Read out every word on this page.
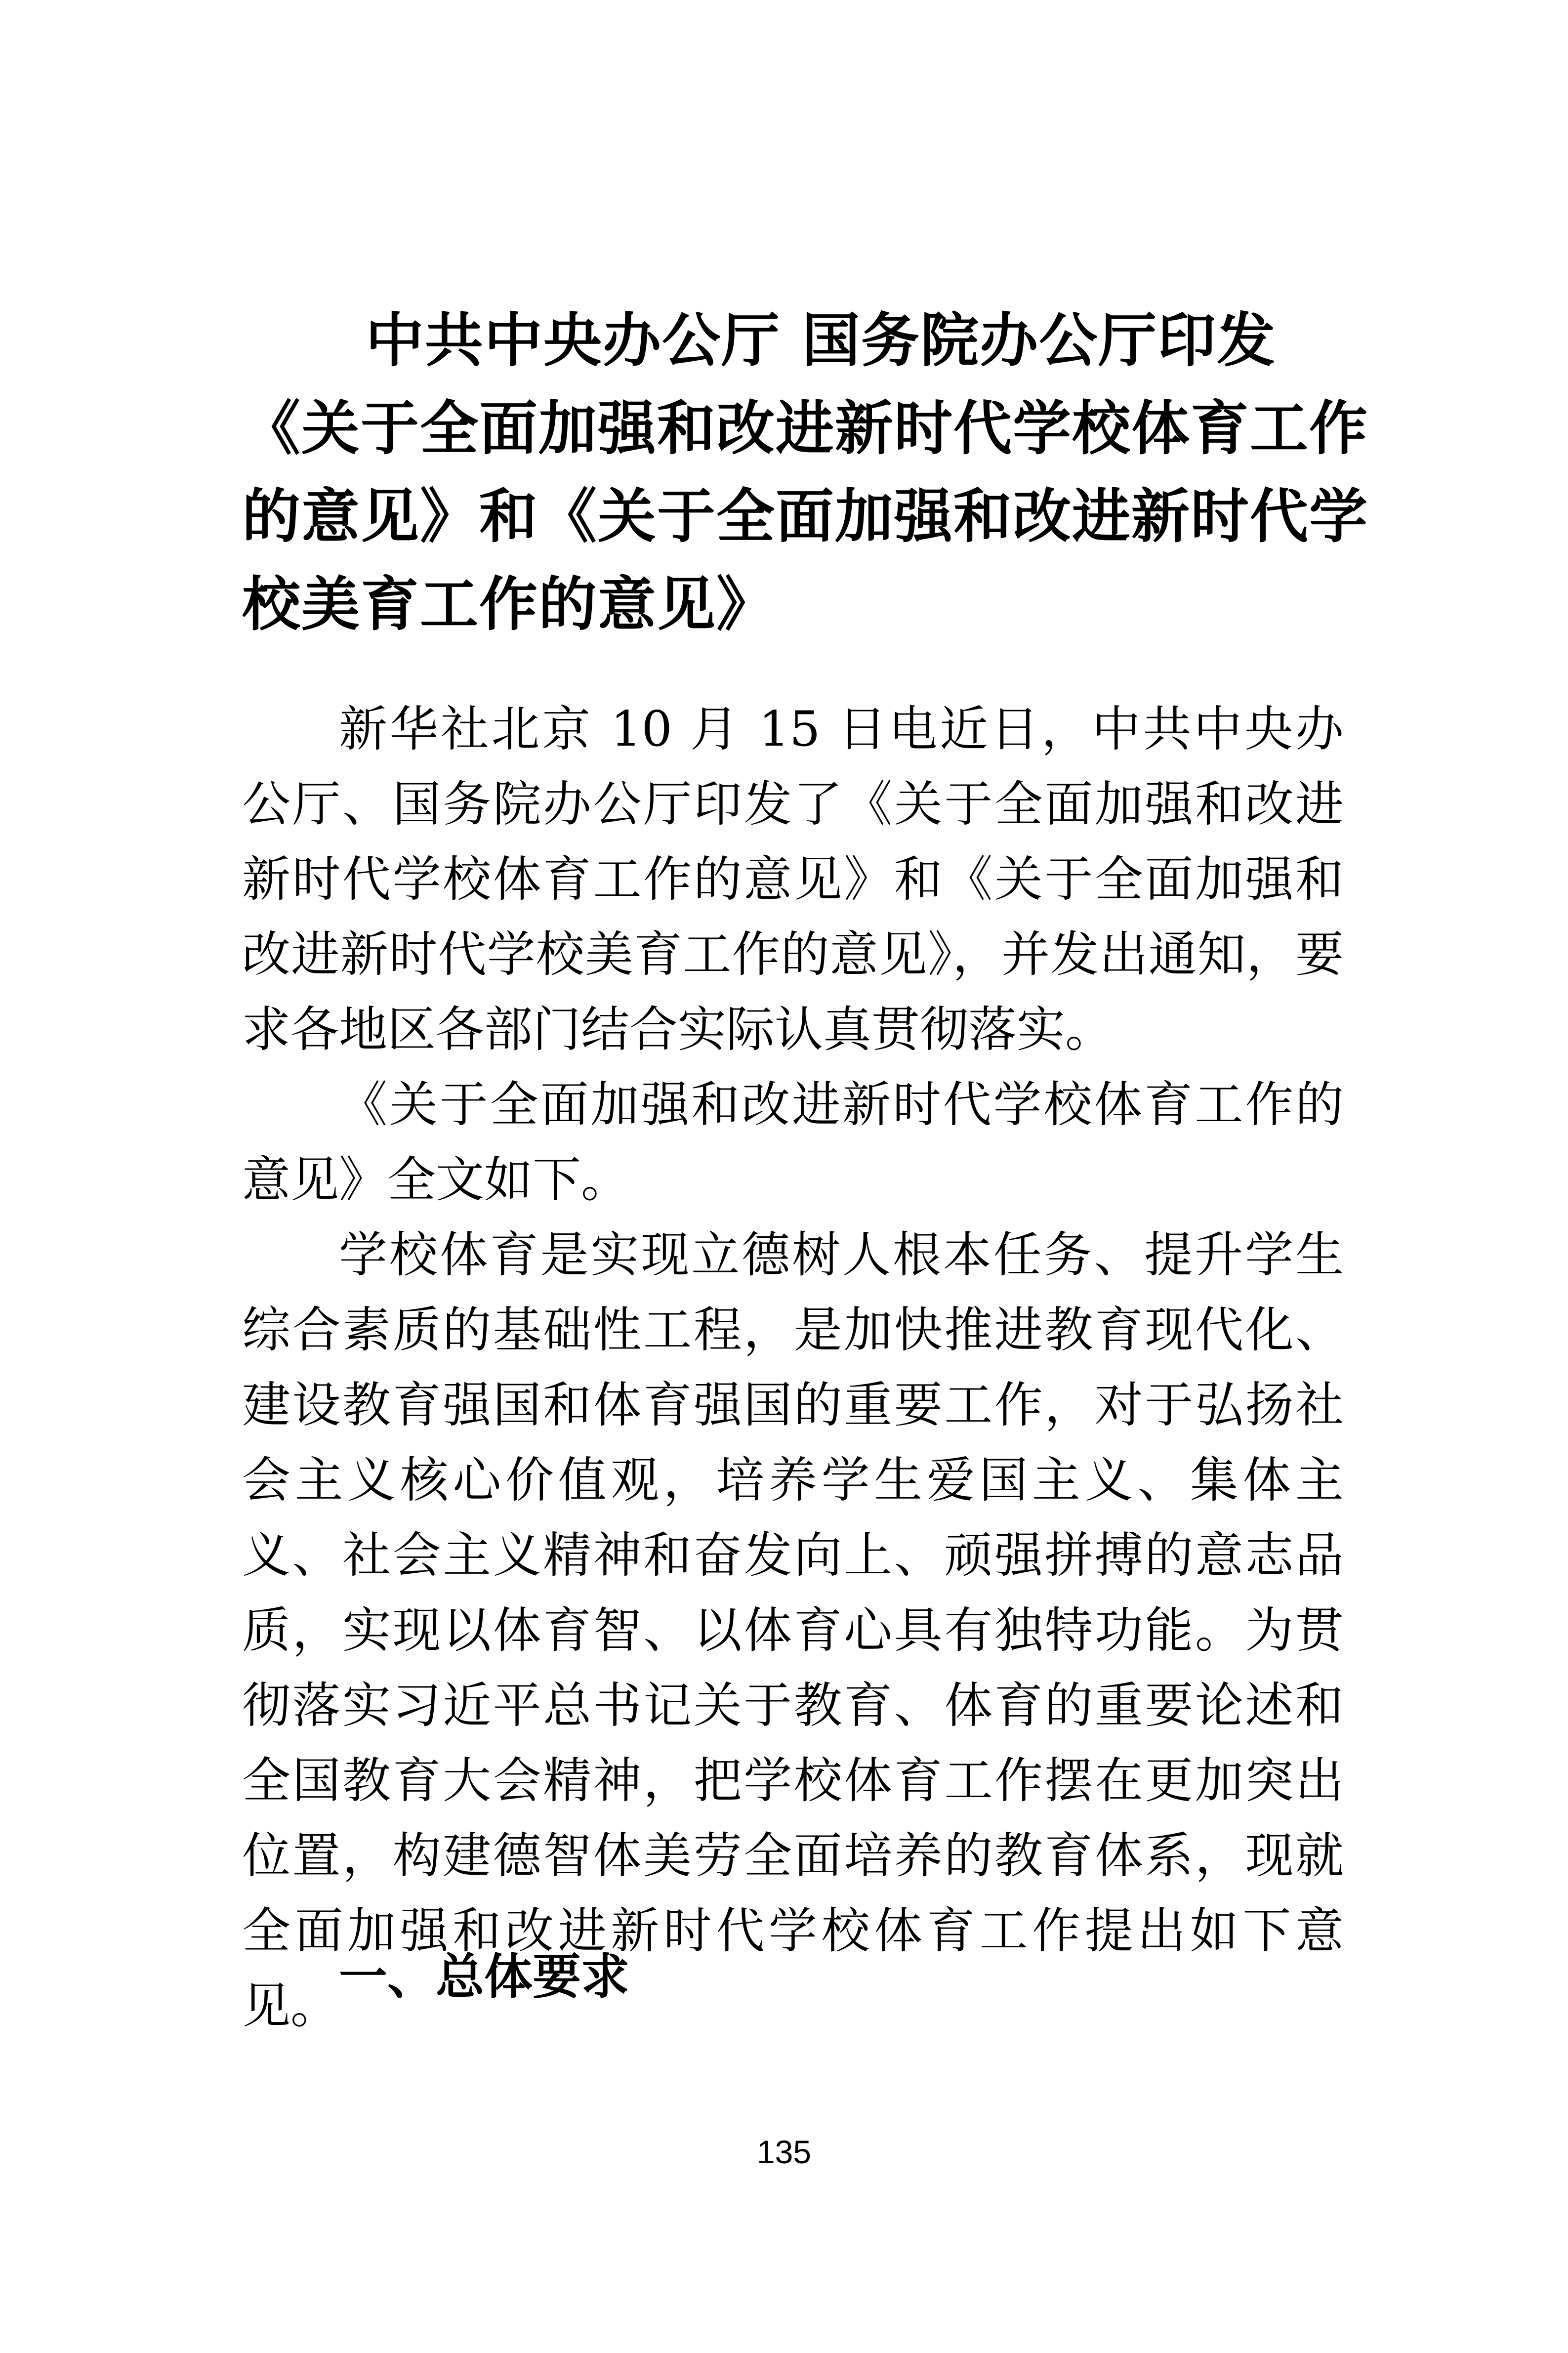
中共中央办公厅 国务院办公厅印发
《关于全面加强和改进新时代学校体育工作
的意见》和《关于全面加强和改进新时代学
校美育工作的意见》

新华社北京 10 月 15 日电近日，中共中央办公厅、国务院办公厅印发了《关于全面加强和改进新时代学校体育工作的意见》和《关于全面加强和改进新时代学校美育工作的意见》，并发出通知，要求各地区各部门结合实际认真贯彻落实。

《关于全面加强和改进新时代学校体育工作的意见》全文如下。

学校体育是实现立德树人根本任务、提升学生综合素质的基础性工程，是加快推进教育现代化、建设教育强国和体育强国的重要工作，对于弘扬社会主义核心价值观，培养学生爱国主义、集体主义、社会主义精神和奋发向上、顽强拼搏的意志品质，实现以体育智、以体育心具有独特功能。为贯彻落实习近平总书记关于教育、体育的重要论述和全国教育大会精神，把学校体育工作摆在更加突出位置，构建德智体美劳全面培养的教育体系，现就全面加强和改进新时代学校体育工作提出如下意见。

一、总体要求
135
